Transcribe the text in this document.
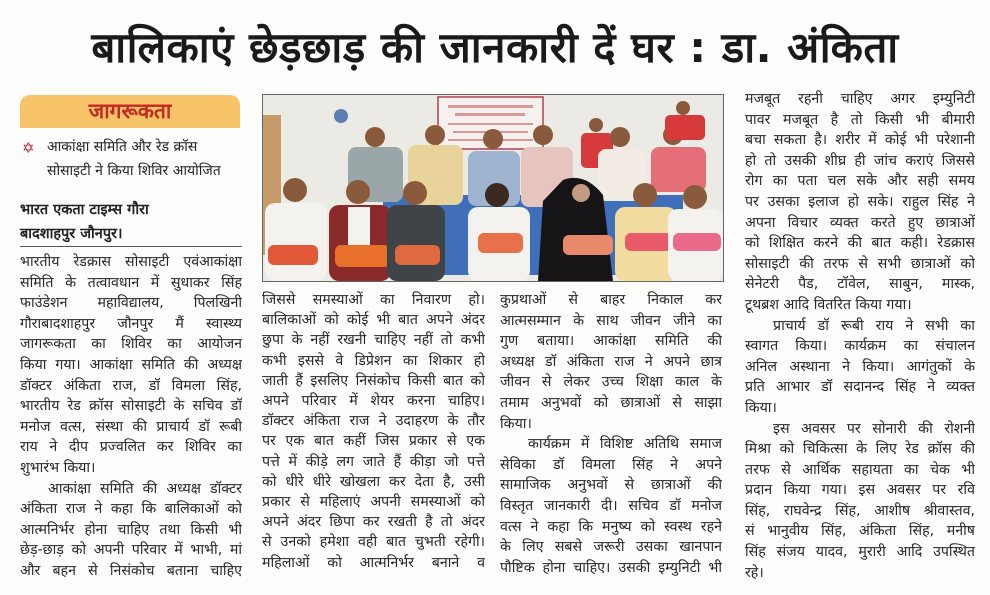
बालिकाएं छेड़छाड़ की जानकारी दें घर : डा. अंकिता
जागरूकता
✡ आकांक्षा समिति और रेड क्रॉस
सोसाइटी ने किया शिविर आयोजित
भारत एकता टाइम्स गौरा
बादशाहपुर जौनपुर।
भारतीय रेडक्रास सोसाइटी एवंआकांक्षा
समिति के तत्वावधान में सुधाकर सिंह
फाउंडेशन महाविद्यालय, पिलखिनी
गौराबादशाहपुर जौनपुर मैं स्वास्थ्य
जागरूकता का शिविर का आयोजन
किया गया। आकांक्षा समिति की अध्यक्ष
डॉक्टर अंकिता राज, डॉ विमला सिंह,
भारतीय रेड क्रॉस सोसाइटी के सचिव डॉ
मनोज वत्स, संस्था की प्राचार्य डॉ रूबी
राय ने दीप प्रज्वलित कर शिविर का
शुभारंभ किया।
आकांक्षा समिति की अध्यक्ष डॉक्टर
अंकिता राज ने कहा कि बालिकाओं को
आत्मनिर्भर होना चाहिए तथा किसी भी
छेड़-छाड़ को अपनी परिवार में भाभी, मां
और बहन से निसंकोच बताना चाहिए
जिससे समस्याओं का निवारण हो।
बालिकाओं को कोई भी बात अपने अंदर
छुपा के नहीं रखनी चाहिए नहीं तो कभी
कभी इससे वे डिप्रेशन का शिकार हो
जाती हैं इसलिए निसंकोच किसी बात को
अपने परिवार में शेयर करना चाहिए।
डॉक्टर अंकिता राज ने उदाहरण के तौर
पर एक बात कहीं जिस प्रकार से एक
पत्ते में कीड़े लग जाते हैं कीड़ा जो पत्ते
को धीरे धीरे खोखला कर देता है, उसी
प्रकार से महिलाएं अपनी समस्याओं को
अपने अंदर छिपा कर रखती है तो अंदर
से उनको हमेशा वही बात चुभती रहेगी।
महिलाओं को आत्मनिर्भर बनाने व
कुप्रथाओं से बाहर निकाल कर
आत्मसम्मान के साथ जीवन जीने का
गुण बताया। आकांक्षा समिति की
अध्यक्ष डॉ अंकिता राज ने अपने छात्र
जीवन से लेकर उच्च शिक्षा काल के
तमाम अनुभवों को छात्राओं से साझा
किया।
कार्यक्रम में विशिष्ट अतिथि समाज
सेविका डॉ विमला सिंह ने अपने
सामाजिक अनुभवों से छात्राओं की
विस्तृत जानकारी दी। सचिव डॉ मनोज
वत्स ने कहा कि मनुष्य को स्वस्थ रहने
के लिए सबसे जरूरी उसका खानपान
पौष्टिक होना चाहिए। उसकी इम्युनिटी भी
मजबूत रहनी चाहिए अगर इम्युनिटी
पावर मजबूत है तो किसी भी बीमारी
बचा सकता है। शरीर में कोई भी परेशानी
हो तो उसकी शीघ्र ही जांच कराएं जिससे
रोग का पता चल सके और सही समय
पर उसका इलाज हो सके। राहुल सिंह ने
अपना विचार व्यक्त करते हुए छात्राओं
को शिक्षित करने की बात कही। रेडक्रास
सोसाइटी की तरफ से सभी छात्राओं को
सेनेटरी पैड, टॉवेल, साबुन, मास्क,
टूथब्रश आदि वितरित किया गया।
प्राचार्य डॉ रूबी राय ने सभी का
स्वागत किया। कार्यक्रम का संचालन
अनिल अस्थाना ने किया। आगंतुकों के
प्रति आभार डॉ सदानन्द सिंह ने व्यक्त
किया।
इस अवसर पर सोनारी की रोशनी
मिश्रा को चिकित्सा के लिए रेड क्रॉस की
तरफ से आर्थिक सहायता का चेक भी
प्रदान किया गया। इस अवसर पर रवि
सिंह, राघवेन्द्र सिंह, आशीष श्रीवास्तव,
सं भानुवीय सिंह, अंकिता सिंह, मनीष
सिंह संजय यादव, मुरारी आदि उपस्थित
रहे।
